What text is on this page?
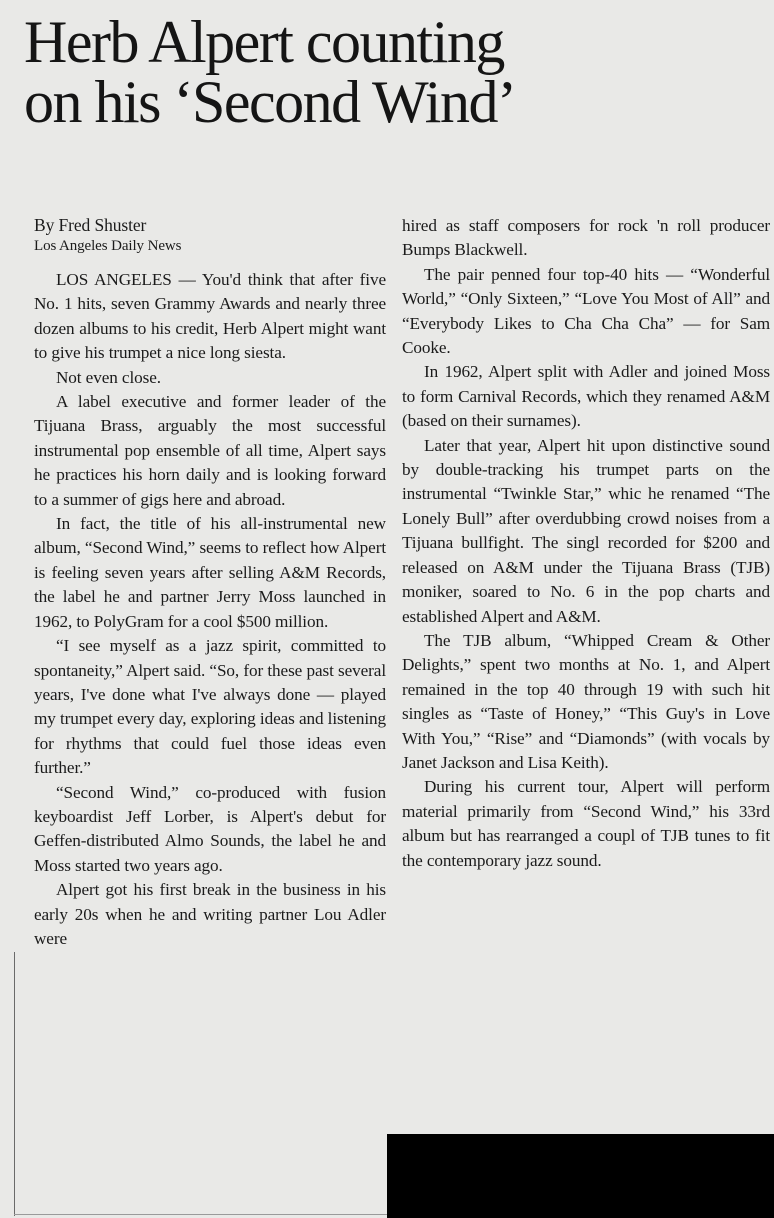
Herb Alpert counting
on his ‘Second Wind’

By Fred Shuster

Los Angeles Daily News

LOS ANGELES — You'd think that after five No. 1 hits, seven Grammy Awards and nearly three dozen albums to his credit, Herb Alpert might want to give his trumpet a nice long siesta.

Not even close.

A label executive and former leader of the Tijuana Brass, arguably the most successful instrumental pop ensemble of all time, Alpert says he practices his horn daily and is looking forward to a summer of gigs here and abroad.

In fact, the title of his all-instrumental new album, “Second Wind,” seems to reflect how Alpert is feeling seven years after selling A&M Records, the label he and partner Jerry Moss launched in 1962, to PolyGram for a cool $500 million.

“I see myself as a jazz spirit, committed to spontaneity,” Alpert said. “So, for these past several years, I've done what I've always done — played my trumpet every day, exploring ideas and listening for rhythms that could fuel those ideas even further.”

“Second Wind,” co-produced with fusion keyboardist Jeff Lorber, is Alpert's debut for Geffen-distributed Almo Sounds, the label he and Moss started two years ago.

Alpert got his first break in the business in his early 20s when he and writing partner Lou Adler were

hired as staff composers for rock 'n roll producer Bumps Blackwell.

The pair penned four top-40 hits — “Wonderful World,” “Only Sixteen,” “Love You Most of All” and “Everybody Likes to Cha Cha Cha” — for Sam Cooke.

In 1962, Alpert split with Adler and joined Moss to form Carnival Records, which they renamed A&M (based on their surnames).

Later that year, Alpert hit upon distinctive sound by double-tracking his trumpet parts on the instrumental “Twinkle Star,” whic he renamed “The Lonely Bull” after overdubbing crowd noises from a Tijuana bullfight. The singl recorded for $200 and released on A&M under the Tijuana Brass (TJB) moniker, soared to No. 6 in the pop charts and established Alpert and A&M.

The TJB album, “Whipped Cream & Other Delights,” spent two months at No. 1, and Alpert remained in the top 40 through 19 with such hit singles as “Taste of Honey,” “This Guy's in Love With You,” “Rise” and “Diamonds” (with vocals by Janet Jackson and Lisa Keith).

During his current tour, Alpert will perform material primarily from “Second Wind,” his 33rd album but has rearranged a coupl of TJB tunes to fit the contemporary jazz sound.
